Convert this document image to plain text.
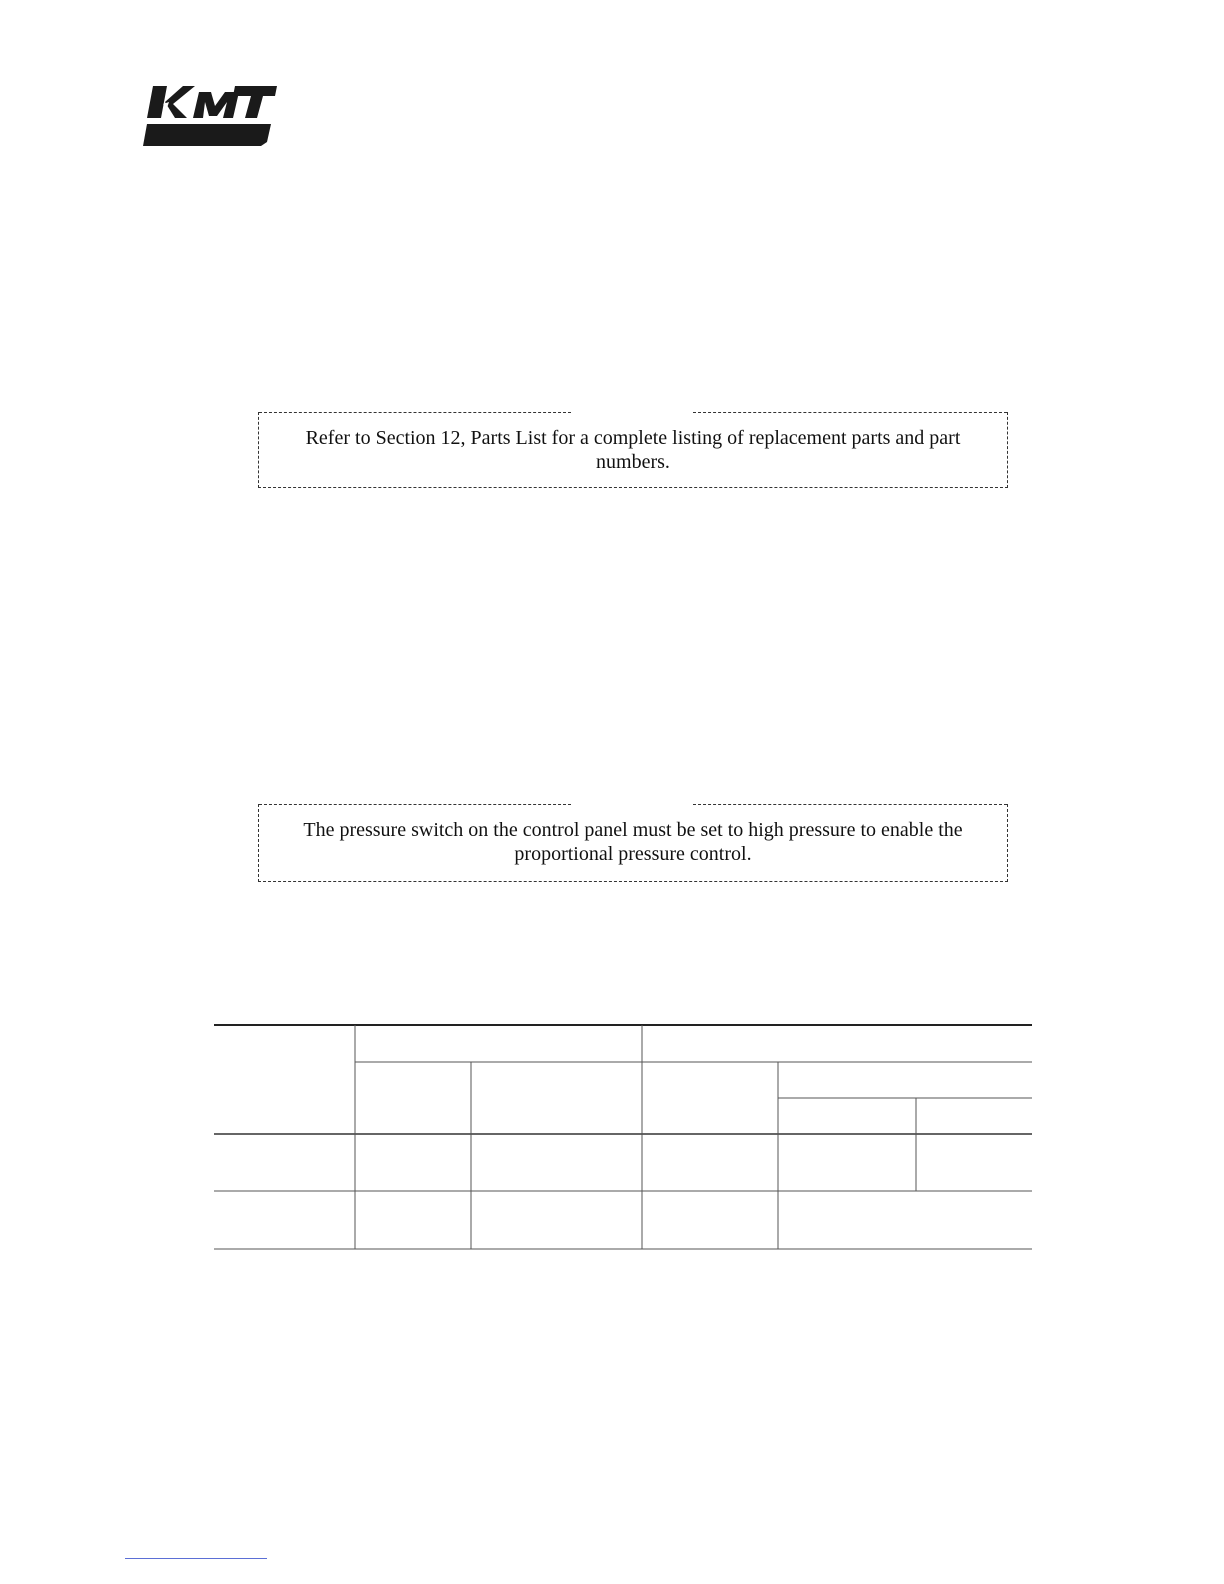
Refer to Section 12, Parts List for a complete listing of replacement parts and part numbers.
The pressure switch on the control panel must be set to high pressure to enable the proportional pressure control.
